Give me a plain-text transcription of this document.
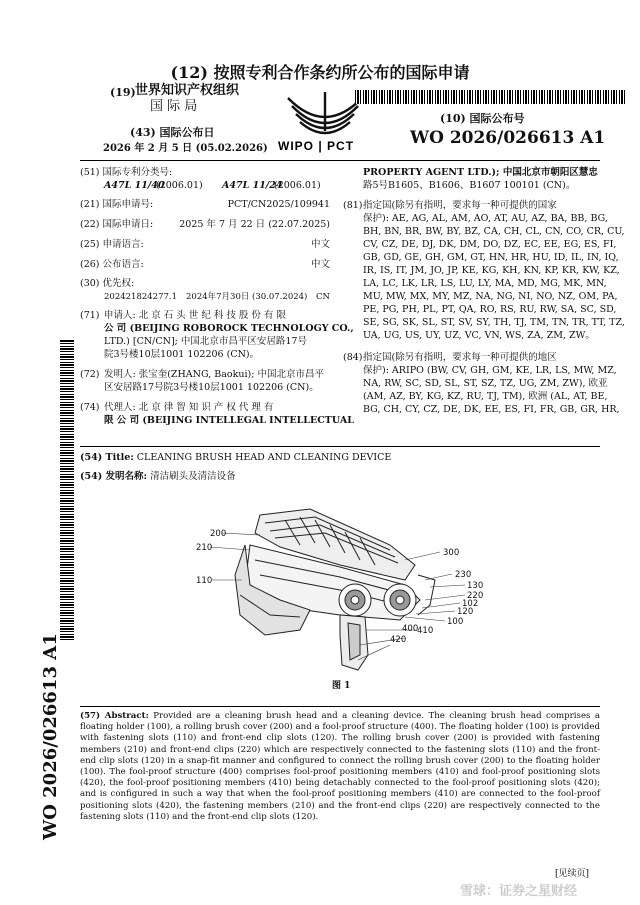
(12) 按照专利合作条约所公布的国际申请
(19) 世界知识产权组织
国 际 局
(43) 国际公布日
2026 年 2 月 5 日 (05.02.2026) WIPO | PCT
(10) 国际公布号
WO 2026/026613 A1
(51) 国际专利分类号:
A47L 11/40
(2006.01) A47L 11/24
(2006.01)
(21) 国际申请号:	PCT/CN2025/109941
(22) 国际申请日:	2025 年 7 月 22 日 (22.07.2025)
(25) 申请语言:	中文
(26) 公布语言:	中文
(30) 优先权:
202421824277.1 2024年7月30日 (30.07.2024) CN
(71) 申请人: 北 京 石 头 世 纪 科 技 股 份 有 限
公 司 (BEIJING ROBOROCK TECHNOLOGY CO.,
LTD.) [CN/CN]; 中国北京市昌平区安居路17号
院3号楼10层1001 102206 (CN)。
(72) 发明人: 张宝奎(ZHANG, Baokui); 中国北京市昌平
区安居路17号院3号楼10层1001 102206 (CN)。
(74) 代理人: 北 京 律 智 知 识 产 权 代 理 有
限 公 司 (BEIJING INTELLEGAL INTELLECTUAL
PROPERTY AGENT LTD.); 中国北京市朝阳区慧忠
路5号B1605、B1606、B1607 100101 (CN)。
(81) 指定国(除另有指明，要求每一种可提供的国家
保护): AE, AG, AL, AM, AO, AT, AU, AZ, BA, BB, BG,
BH, BN, BR, BW, BY, BZ, CA, CH, CL, CN, CO, CR, CU,
CV, CZ, DE, DJ, DK, DM, DO, DZ, EC, EE, EG, ES, FI,
GB, GD, GE, GH, GM, GT, HN, HR, HU, ID, IL, IN, IQ,
IR, IS, IT, JM, JO, JP, KE, KG, KH, KN, KP, KR, KW, KZ,
LA, LC, LK, LR, LS, LU, LY, MA, MD, MG, MK, MN,
MU, MW, MX, MY, MZ, NA, NG, NI, NO, NZ, OM, PA,
PE, PG, PH, PL, PT, QA, RO, RS, RU, RW, SA, SC, SD,
SE, SG, SK, SL, ST, SV, SY, TH, TJ, TM, TN, TR, TT, TZ,
UA, UG, US, UY, UZ, VC, VN, WS, ZA, ZM, ZW。
(84) 指定国(除另有指明，要求每一种可提供的地区
保护): ARIPO (BW, CV, GH, GM, KE, LR, LS, MW, MZ,
NA, RW, SC, SD, SL, ST, SZ, TZ, UG, ZM, ZW), 欧亚
(AM, AZ, BY, KG, KZ, RU, TJ, TM), 欧洲 (AL, AT, BE,
BG, CH, CY, CZ, DE, DK, EE, ES, FI, FR, GB, GR, HR,
(54) Title: CLEANING BRUSH HEAD AND CLEANING DEVICE
(54) 发明名称: 清洁刷头及清洁设备
200
210
110
300
230
130
220
102
120
100
410
420
400
图 1
(57) Abstract: Provided are a cleaning brush head and a cleaning device. The cleaning brush head comprises a floating holder (100), a rolling brush cover (200) and a fool-proof structure (400). The floating holder (100) is provided with fastening slots (110) and front-end clip slots (120). The rolling brush cover (200) is provided with fastening members (210) and front-end clips (220) which are respectively connected to the fastening slots (110) and the front-end clip slots (120) in a snap-fit manner and configured to connect the rolling brush cover (200) to the floating holder (100). The fool-proof structure (400) comprises fool-proof positioning members (410) and fool-proof positioning slots (420), the fool-proof positioning members (410) being detachably connected to the fool-proof positioning slots (420); and is configured in such a way that when the fool-proof positioning members (410) are connected to the fool-proof positioning slots (420), the fastening members (210) and the front-end clips (220) are respectively connected to the fastening slots (110) and the front-end clip slots (120).
WO 2026/026613 A1
[见续页]
雪球：证券之星财经
